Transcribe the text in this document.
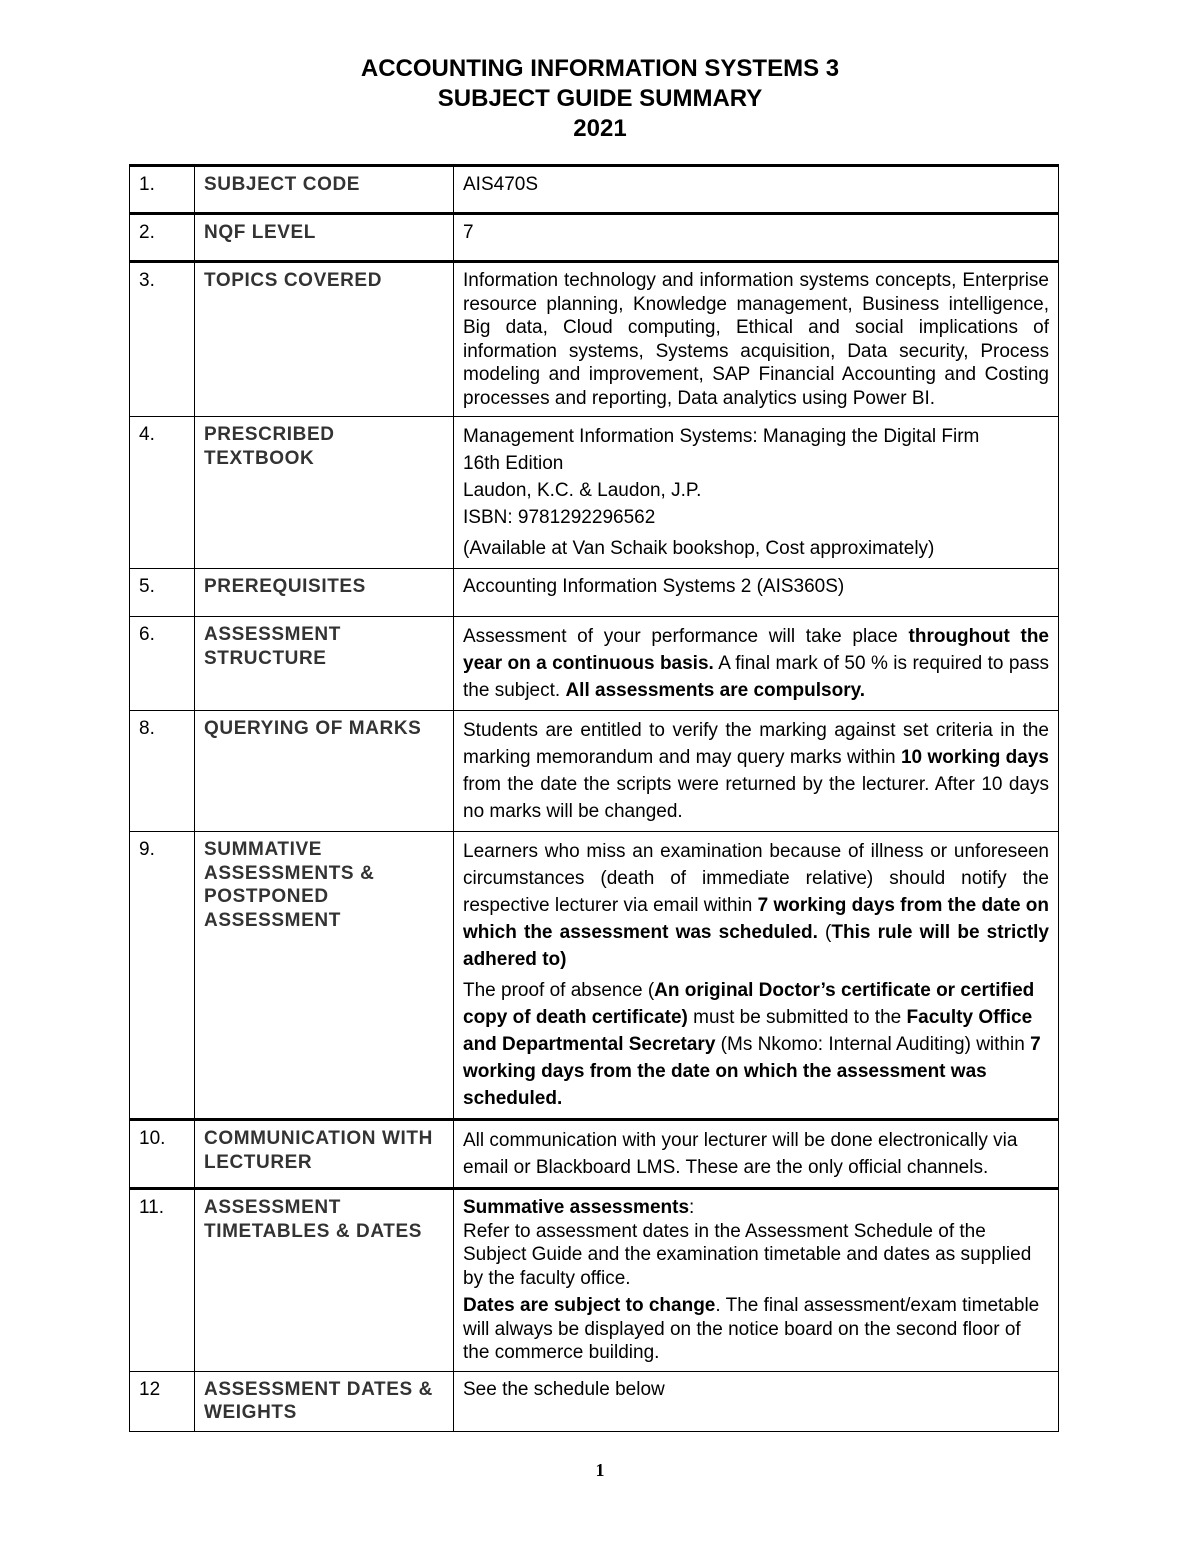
ACCOUNTING INFORMATION SYSTEMS 3
SUBJECT GUIDE SUMMARY
2021
1.	SUBJECT CODE	AIS470S
2.	NQF LEVEL	7
3.	TOPICS COVERED	Information technology and information systems concepts, Enterprise resource planning, Knowledge management, Business intelligence, Big data, Cloud computing, Ethical and social implications of information systems, Systems acquisition, Data security, Process modeling and improvement, SAP Financial Accounting and Costing processes and reporting, Data analytics using Power BI.
4.	PRESCRIBED TEXTBOOK	Management Information Systems: Managing the Digital Firm
16th Edition
Laudon, K.C. & Laudon, J.P.
ISBN: 9781292296562
(Available at Van Schaik bookshop, Cost approximately)

5.	PREREQUISITES	Accounting Information Systems 2 (AIS360S)
6.	ASSESSMENT STRUCTURE	Assessment of your performance will take place throughout the year on a continuous basis. A final mark of 50 % is required to pass the subject. All assessments are compulsory.
8.	QUERYING OF MARKS	Students are entitled to verify the marking against set criteria in the marking memorandum and may query marks within 10 working days from the date the scripts were returned by the lecturer. After 10 days no marks will be changed.
9.	SUMMATIVE ASSESSMENTS & POSTPONED ASSESSMENT	Learners who miss an examination because of illness or unforeseen circumstances (death of immediate relative) should notify the respective lecturer via email within 7 working days from the date on which the assessment was scheduled. (This rule will be strictly adhered to)
The proof of absence (An original Doctor’s certificate or certified copy of death certificate) must be submitted to the Faculty Office and Departmental Secretary (Ms Nkomo: Internal Auditing) within 7 working days from the date on which the assessment was scheduled.

10.	COMMUNICATION WITH LECTURER	All communication with your lecturer will be done electronically via email or Blackboard LMS. These are the only official channels.
11.	ASSESSMENT TIMETABLES & DATES	Summative assessments:
Refer to assessment dates in the Assessment Schedule of the Subject Guide and the examination timetable and dates as supplied by the faculty office.
Dates are subject to change. The final assessment/exam timetable will always be displayed on the notice board on the second floor of the commerce building.

12	ASSESSMENT DATES & WEIGHTS	See the schedule below
1
